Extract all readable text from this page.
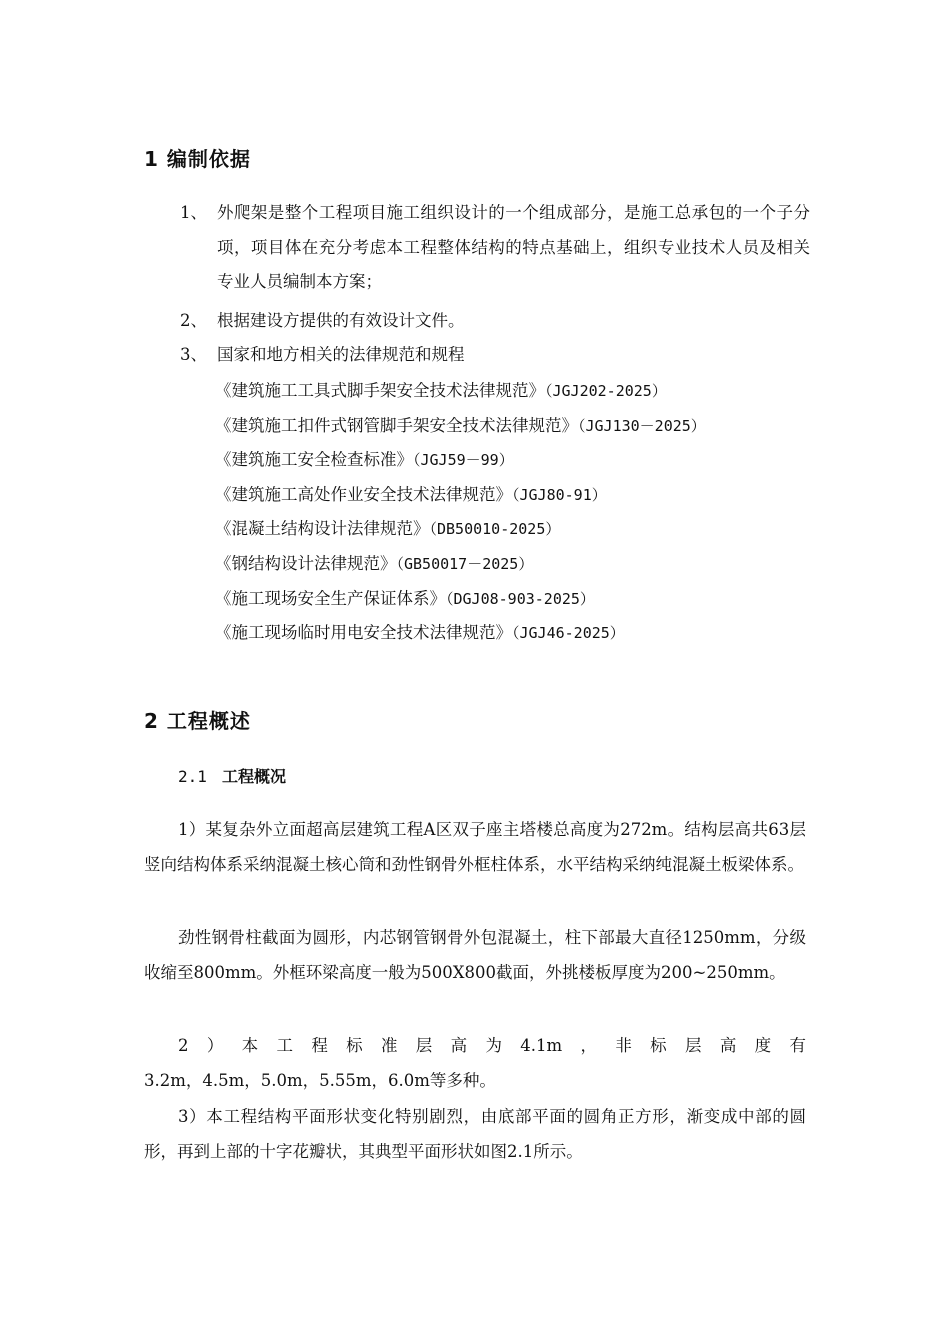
1 编制依据
1、 外爬架是整个工程项目施工组织设计的一个组成部分，是施工总承包的一个子分项，项目体在充分考虑本工程整体结构的特点基础上，组织专业技术人员及相关专业人员编制本方案；
2、 根据建设方提供的有效设计文件。
3、 国家和地方相关的法律规范和规程
《建筑施工工具式脚手架安全技术法律规范》（JGJ202-2025）
《建筑施工扣件式钢管脚手架安全技术法律规范》（JGJ130－2025）
《建筑施工安全检查标准》（JGJ59－99）
《建筑施工高处作业安全技术法律规范》（JGJ80-91）
《混凝土结构设计法律规范》（DB50010-2025）
《钢结构设计法律规范》（GB50017－2025）
《施工现场安全生产保证体系》（DGJ08-903-2025）
《施工现场临时用电安全技术法律规范》（JGJ46-2025）
2 工程概述
2.1 工程概况
1）某复杂外立面超高层建筑工程A区双子座主塔楼总高度为272m。结构层高共63层竖向结构体系采纳混凝土核心筒和劲性钢骨外框柱体系，水平结构采纳纯混凝土板梁体系。
劲性钢骨柱截面为圆形，内芯钢管钢骨外包混凝土，柱下部最大直径1250mm，分级收缩至800mm。外框环梁高度一般为500X800截面，外挑楼板厚度为200~250mm。
2）本工程标准层高为4.1m，非标层高度有
3.2m，4.5m，5.0m，5.55m，6.0m等多种。
3）本工程结构平面形状变化特别剧烈，由底部平面的圆角正方形，渐变成中部的圆形，再到上部的十字花瓣状，其典型平面形状如图2.1所示。
